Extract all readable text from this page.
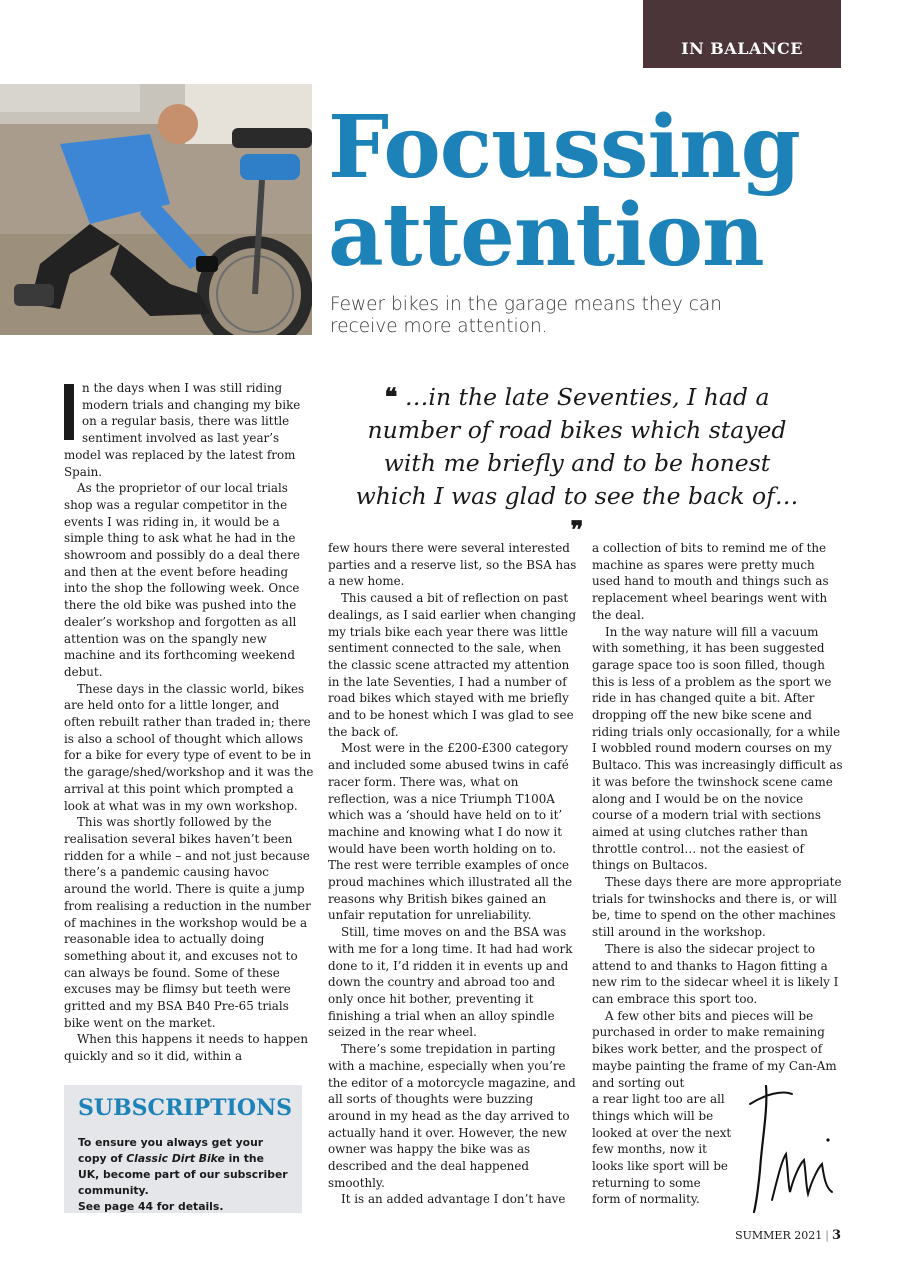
IN BALANCE
Focussing
attention
Fewer bikes in the garage means they can receive more attention.
❝ …in the late Seventies, I had a number of road bikes which stayed with me briefly and to be honest which I was glad to see the back of… ❞

n the days when I was still riding modern trials and changing my bike on a regular basis, there was little sentiment involved as last year’s model was replaced by the latest from Spain.

As the proprietor of our local trials shop was a regular competitor in the events I was riding in, it would be a simple thing to ask what he had in the showroom and possibly do a deal there and then at the event before heading into the shop the following week. Once there the old bike was pushed into the dealer’s workshop and forgotten as all attention was on the spangly new machine and its forthcoming weekend debut.

These days in the classic world, bikes are held onto for a little longer, and often rebuilt rather than traded in; there is also a school of thought which allows for a bike for every type of event to be in the garage/shed/workshop and it was the arrival at this point which prompted a look at what was in my own workshop.

This was shortly followed by the realisation several bikes haven’t been ridden for a while – and not just because there’s a pandemic causing havoc around the world. There is quite a jump from realising a reduction in the number of machines in the workshop would be a reasonable idea to actually doing something about it, and excuses not to can always be found. Some of these excuses may be flimsy but teeth were gritted and my BSA B40 Pre-65 trials bike went on the market.

When this happens it needs to happen quickly and so it did, within a

few hours there were several interested parties and a reserve list, so the BSA has a new home.

This caused a bit of reflection on past dealings, as I said earlier when changing my trials bike each year there was little sentiment connected to the sale, when the classic scene attracted my attention in the late Seventies, I had a number of road bikes which stayed with me briefly and to be honest which I was glad to see the back of.

Most were in the £200-£300 category and included some abused twins in café racer form. There was, what on reflection, was a nice Triumph T100A which was a ‘should have held on to it’ machine and knowing what I do now it would have been worth holding on to. The rest were terrible examples of once proud machines which illustrated all the reasons why British bikes gained an unfair reputation for unreliability.

Still, time moves on and the BSA was with me for a long time. It had had work done to it, I’d ridden it in events up and down the country and abroad too and only once hit bother, preventing it finishing a trial when an alloy spindle seized in the rear wheel.

There’s some trepidation in parting with a machine, especially when you’re the editor of a motorcycle magazine, and all sorts of thoughts were buzzing around in my head as the day arrived to actually hand it over. However, the new owner was happy the bike was as described and the deal happened smoothly.

It is an added advantage I don’t have

a collection of bits to remind me of the machine as spares were pretty much used hand to mouth and things such as replacement wheel bearings went with the deal.

In the way nature will fill a vacuum with something, it has been suggested garage space too is soon filled, though this is less of a problem as the sport we ride in has changed quite a bit. After dropping off the new bike scene and riding trials only occasionally, for a while I wobbled round modern courses on my Bultaco. This was increasingly difficult as it was before the twinshock scene came along and I would be on the novice course of a modern trial with sections aimed at using clutches rather than throttle control… not the easiest of things on Bultacos.

These days there are more appropriate trials for twinshocks and there is, or will be, time to spend on the other machines still around in the workshop.

There is also the sidecar project to attend to and thanks to Hagon fitting a new rim to the sidecar wheel it is likely I can embrace this sport too.

A few other bits and pieces will be purchased in order to make remaining bikes work better, and the prospect of maybe painting the frame of my Can-Am and sorting out

a rear light too are all things which will be looked at over the next few months, now it looks like sport will be returning to some form of normality.

SUBSCRIPTIONS
To ensure you always get your copy of Classic Dirt Bike in the UK, become part of our subscriber community.
See page 44 for details.
SUMMER 2021 | 3
